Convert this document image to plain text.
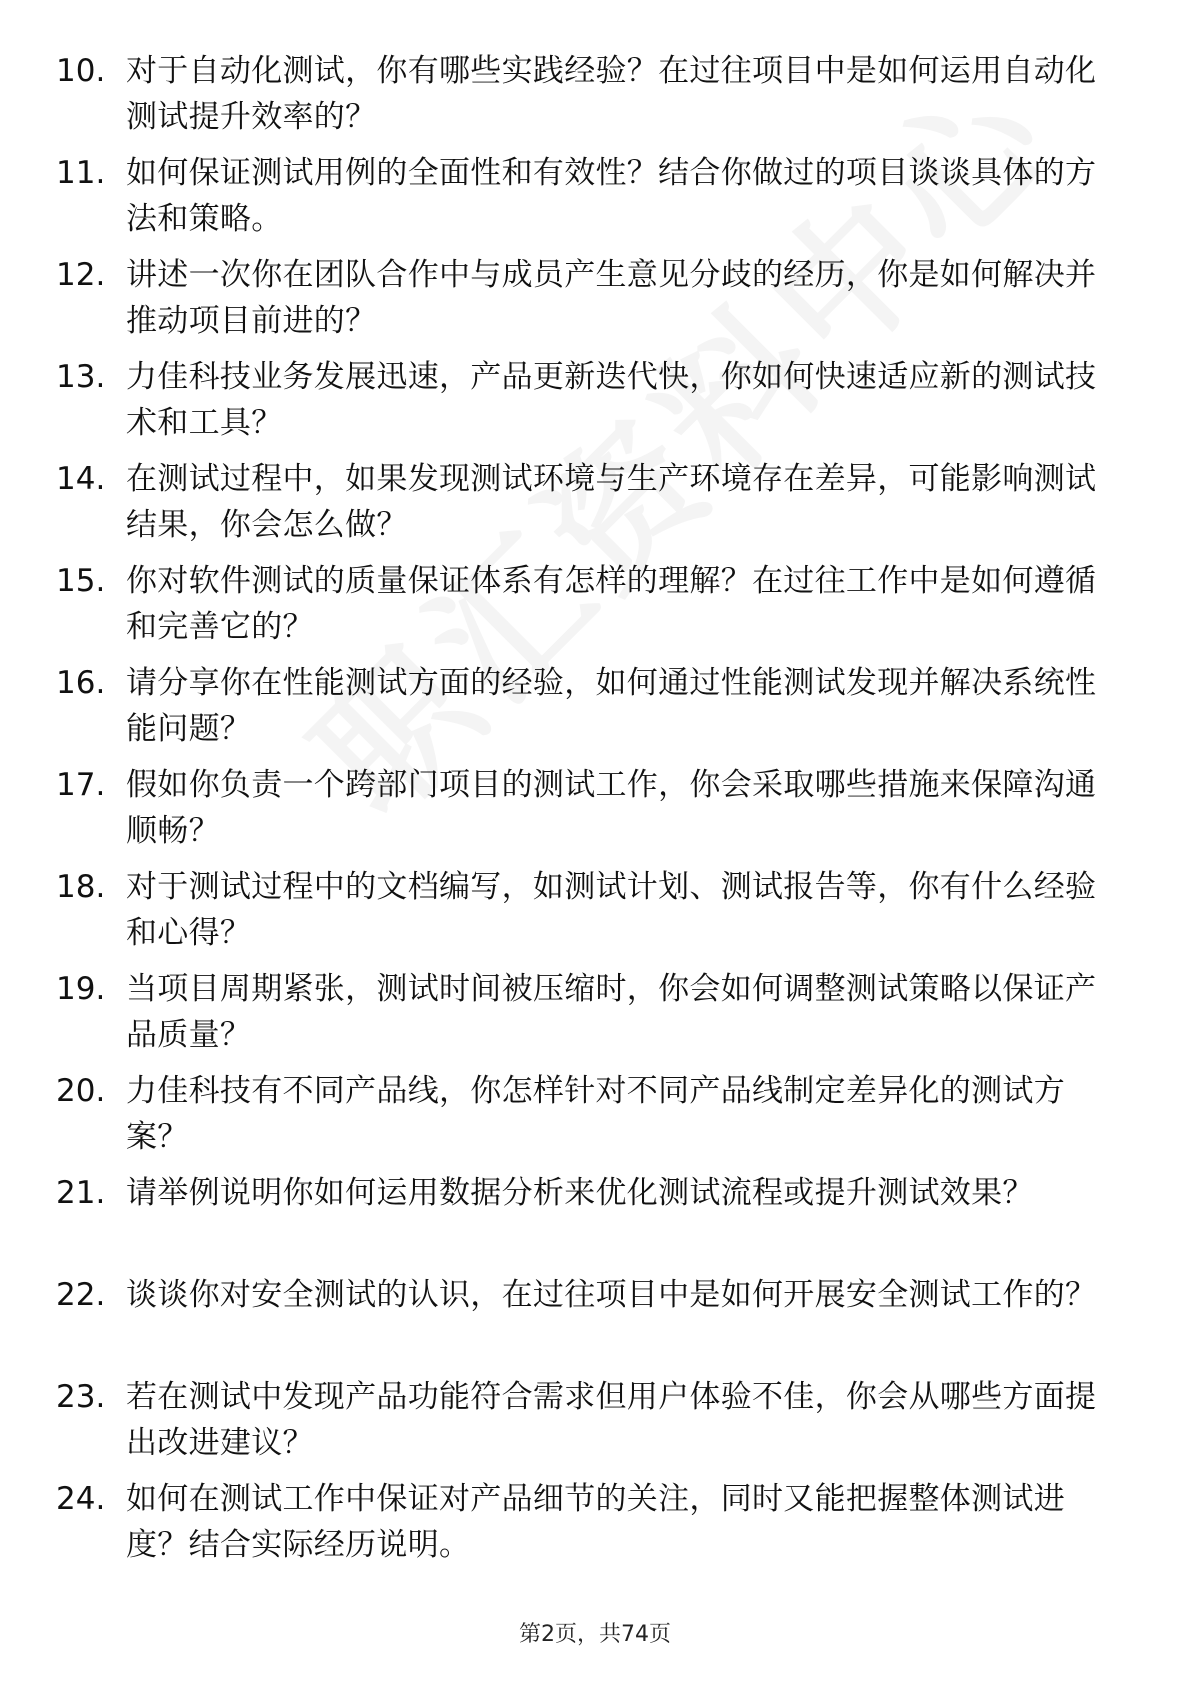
10. 对于自动化测试，你有哪些实践经验？在过往项目中是如何运用自动化测试提升效率的？
11. 如何保证测试用例的全面性和有效性？结合你做过的项目谈谈具体的方法和策略。
12. 讲述一次你在团队合作中与成员产生意见分歧的经历，你是如何解决并推动项目前进的？
13. 力佳科技业务发展迅速，产品更新迭代快，你如何快速适应新的测试技术和工具？
14. 在测试过程中，如果发现测试环境与生产环境存在差异，可能影响测试结果，你会怎么做？
15. 你对软件测试的质量保证体系有怎样的理解？在过往工作中是如何遵循和完善它的？
16. 请分享你在性能测试方面的经验，如何通过性能测试发现并解决系统性能问题？
17. 假如你负责一个跨部门项目的测试工作，你会采取哪些措施来保障沟通顺畅？
18. 对于测试过程中的文档编写，如测试计划、测试报告等，你有什么经验和心得？
19. 当项目周期紧张，测试时间被压缩时，你会如何调整测试策略以保证产品质量？
20. 力佳科技有不同产品线，你怎样针对不同产品线制定差异化的测试方案？
21. 请举例说明你如何运用数据分析来优化测试流程或提升测试效果？
22. 谈谈你对安全测试的认识，在过往项目中是如何开展安全测试工作的？
23. 若在测试中发现产品功能符合需求但用户体验不佳，你会从哪些方面提出改进建议？
24. 如何在测试工作中保证对产品细节的关注，同时又能把握整体测试进度？结合实际经历说明。
第2页，共74页
